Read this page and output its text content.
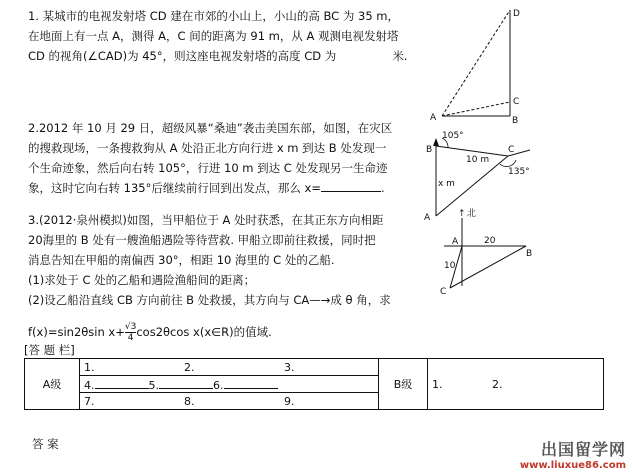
1. 某城市的电视发射塔 CD 建在市郊的小山上，小山的高 BC 为 35 m，
在地面上有一点 A，测得 A，C 间的距离为 91 m，从 A 观测电视发射塔
CD 的视角(∠CAD)为 45°，则这座电视发射塔的高度 CD 为	米.
D
C
B
A
2.2012 年 10 月 29 日，超级风暴“桑迪”袭击美国东部，如图，在灾区
的搜救现场，一条搜救狗从 A 处沿正北方向行进 x m 到达 B 处发现一
个生命迹象，然后向右转 105°，行进 10 m 到达 C 处发现另一生命迹
象，这时它向右转 135°后继续前行回到出发点，那么 x=	.
105°
10 m
135°
x m
B	C
A
3.(2012·泉州模拟)如图，当甲船位于 A 处时获悉，在其正东方向相距
20海里的 B 处有一艘渔船遇险等待营救. 甲船立即前往救援，同时把
消息告知在甲船的南偏西 30°，相距 10 海里的 C 处的乙船.
(1)求处于 C 处的乙船和遇险渔船间的距离；
(2)设乙船沿直线 CB 方向前往 B 处救援，其方向与 CA—→成 θ 角，求
f(x)=sin2θsin $x+ \frac{√3}{4} \cos 2\theta\cos$ x(x∈R)的值域.
↑ 北
A
B
20
10
C
[答 题 栏]
A级	1.	2.	3.	B级	1.	2.
4.	5.	6.
7.	8.	9.
答 案	出国留学网
www.liuxue86.com
